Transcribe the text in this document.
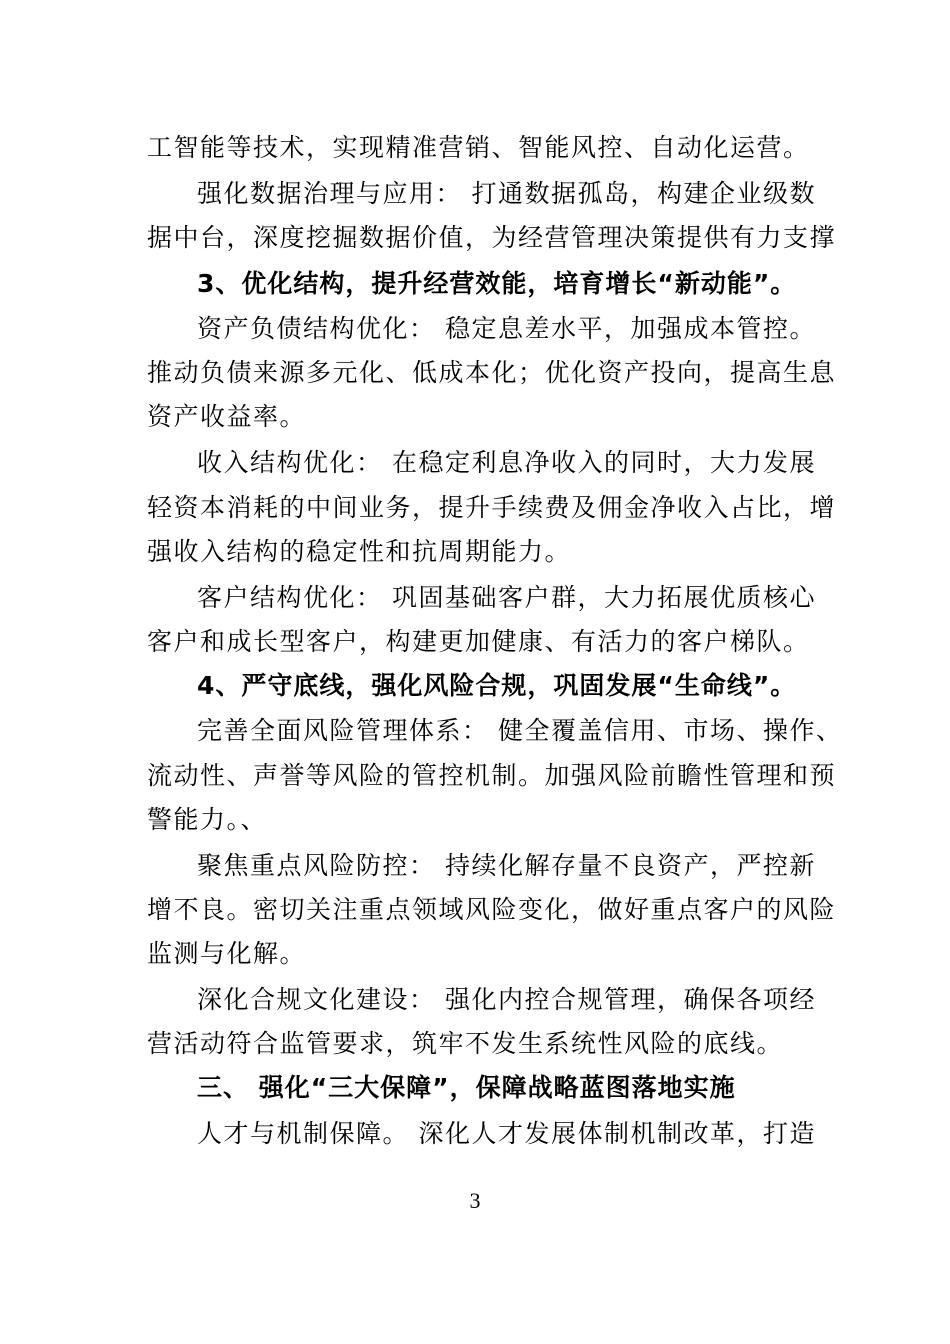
工智能等技术，实现精准营销、智能风控、自动化运营。
强化数据治理与应用： 打通数据孤岛，构建企业级数
据中台，深度挖掘数据价值，为经营管理决策提供有力支撑
3、优化结构，提升经营效能，培育增长“新动能”。
资产负债结构优化： 稳定息差水平，加强成本管控。
推动负债来源多元化、低成本化；优化资产投向，提高生息
资产收益率。
收入结构优化： 在稳定利息净收入的同时，大力发展
轻资本消耗的中间业务，提升手续费及佣金净收入占比，增
强收入结构的稳定性和抗周期能力。
客户结构优化： 巩固基础客户群，大力拓展优质核心
客户和成长型客户，构建更加健康、有活力的客户梯队。
4、严守底线，强化风险合规，巩固发展“生命线”。
完善全面风险管理体系： 健全覆盖信用、市场、操作、
流动性、声誉等风险的管控机制。加强风险前瞻性管理和预
警能力。、
聚焦重点风险防控： 持续化解存量不良资产，严控新
增不良。密切关注重点领域风险变化，做好重点客户的风险
监测与化解。
深化合规文化建设： 强化内控合规管理，确保各项经
营活动符合监管要求，筑牢不发生系统性风险的底线。
三、 强化“三大保障”，保障战略蓝图落地实施
人才与机制保障。 深化人才发展体制机制改革，打造
3
